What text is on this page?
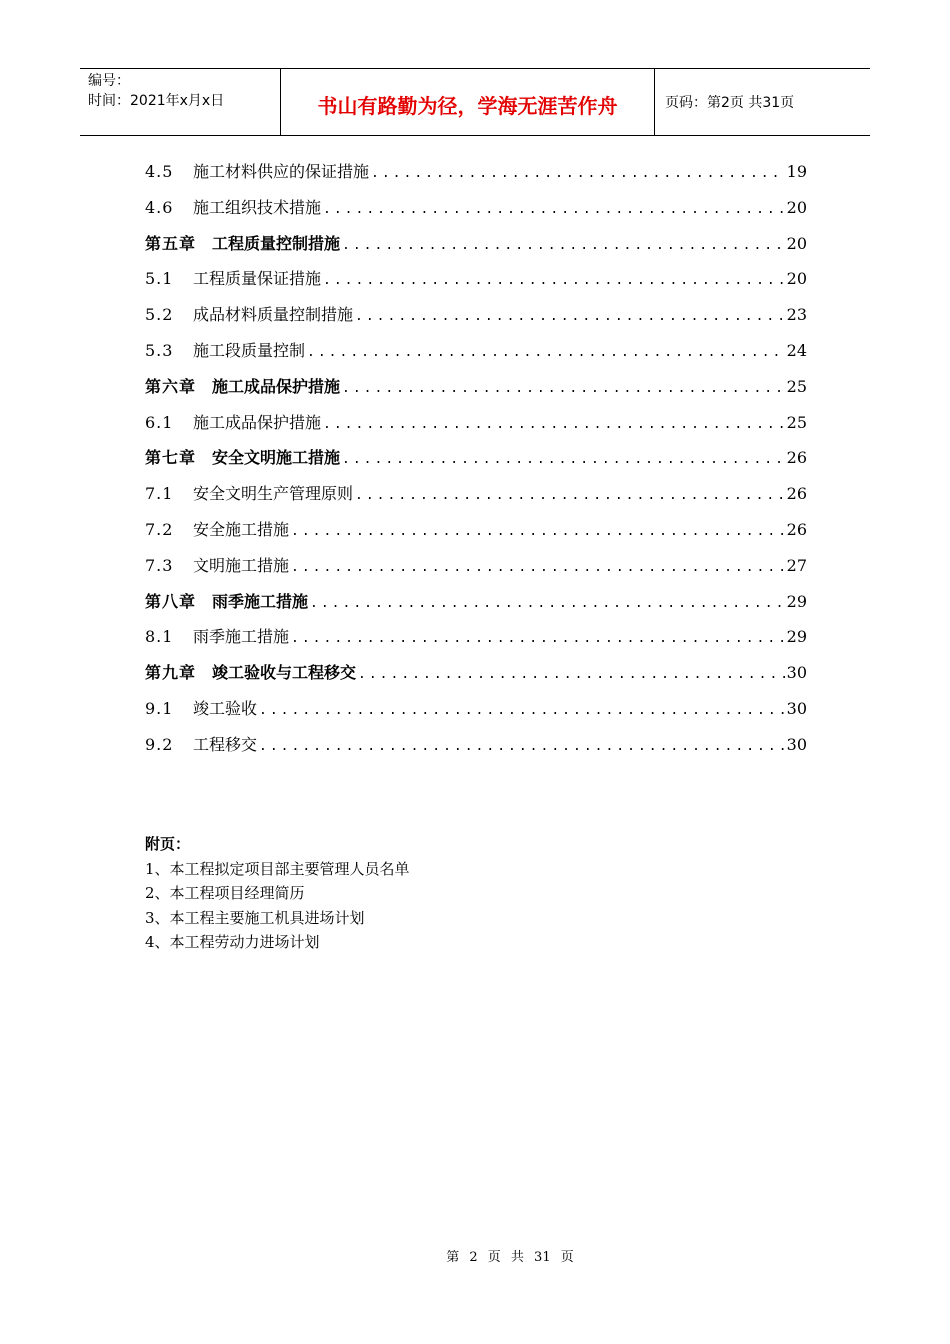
编号：
时间：2021年x月x日	书山有路勤为径，学海无涯苦作舟	页码：第2页 共31页
4.5	施工材料供应的保证措施 .....	19
4.6	施工组织技术措施 .....	20
第五章 工程质量控制措施 .....	20
5.1	工程质量保证措施 .....	20
5.2	成品材料质量控制措施 .....	23
5.3	施工段质量控制 .....	24
第六章 施工成品保护措施 .....	25
6.1	施工成品保护措施 .....	25
第七章 安全文明施工措施 .....	26
7.1	安全文明生产管理原则 .....	26
7.2	安全施工措施 .....	26
7.3	文明施工措施 .....	27
第八章 雨季施工措施 .....	29
8.1	雨季施工措施 .....	29
第九章 竣工验收与工程移交 .....	30
9.1	竣工验收 .....	30
9.2	工程移交 .....	30
附页：
1、本工程拟定项目部主要管理人员名单
2、本工程项目经理简历
3、本工程主要施工机具进场计划
4、本工程劳动力进场计划
第 2 页 共 31 页
